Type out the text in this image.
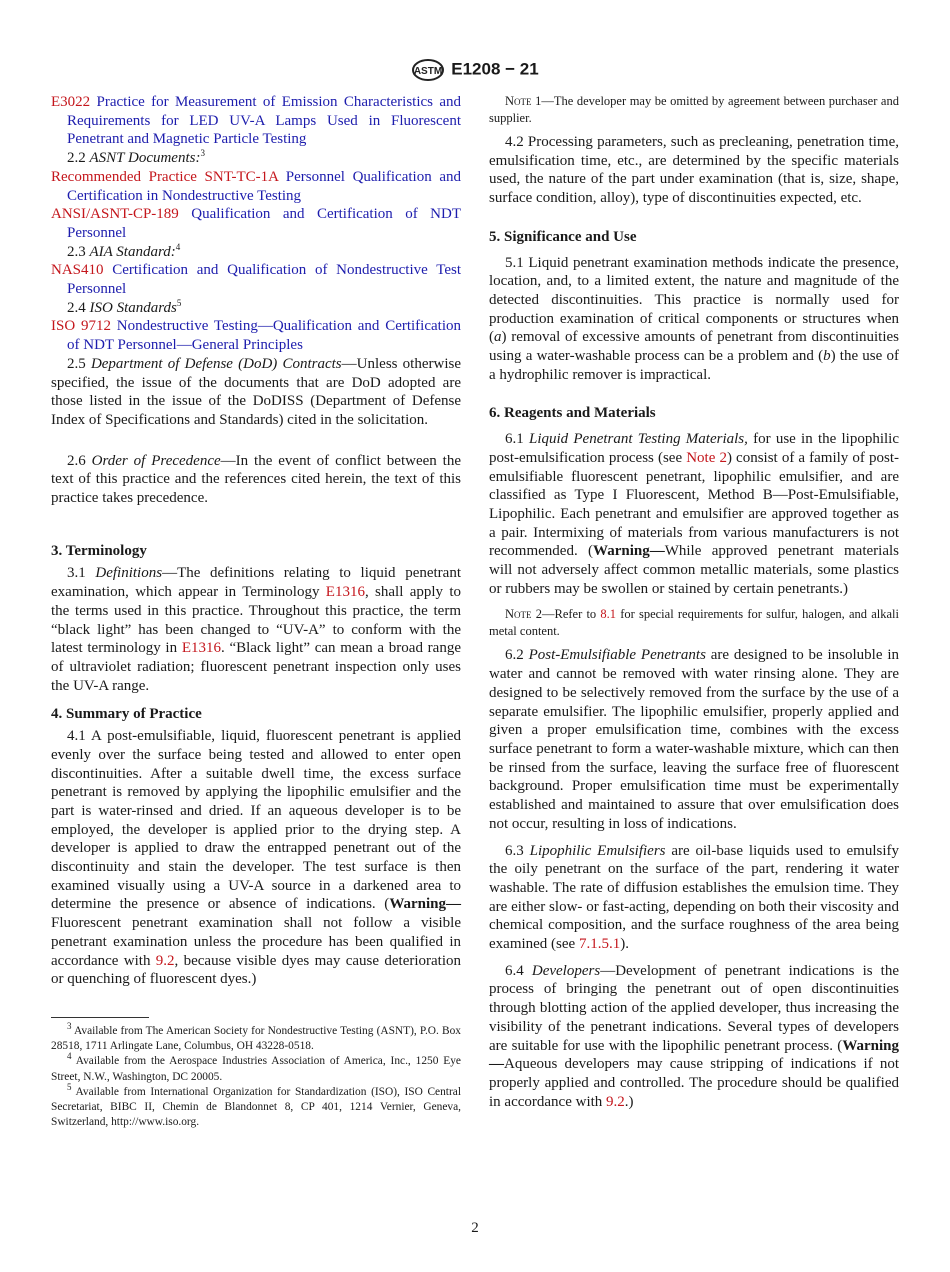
ASTM E1208 − 21

E3022 Practice for Measurement of Emission Characteristics and Requirements for LED UV-A Lamps Used in Fluorescent Penetrant and Magnetic Particle Testing

2.2 ASNT Documents:$^3$

Recommended Practice SNT-TC-1A Personnel Qualification and Certification in Nondestructive Testing

ANSI/ASNT-CP-189 Qualification and Certification of NDT Personnel

2.3 AIA Standard:$^4$

NAS410 Certification and Qualification of Nondestructive Test Personnel

2.4 ISO Standards$^5$

ISO 9712 Nondestructive Testing—Qualification and Certification of NDT Personnel—General Principles

2.5 Department of Defense (DoD) Contracts—Unless otherwise specified, the issue of the documents that are DoD adopted are those listed in the issue of the DoDISS (Department of Defense Index of Specifications and Standards) cited in the solicitation.

2.6 Order of Precedence—In the event of conflict between the text of this practice and the references cited herein, the text of this practice takes precedence.

3. Terminology

3.1 Definitions—The definitions relating to liquid penetrant examination, which appear in Terminology E1316, shall apply to the terms used in this practice. Throughout this practice, the term “black light” has been changed to “UV-A” to conform with the latest terminology in E1316. “Black light” can mean a broad range of ultraviolet radiation; fluorescent penetrant inspection only uses the UV-A range.

4. Summary of Practice

4.1 A post-emulsifiable, liquid, fluorescent penetrant is applied evenly over the surface being tested and allowed to enter open discontinuities. After a suitable dwell time, the excess surface penetrant is removed by applying the lipophilic emulsifier and the part is water-rinsed and dried. If an aqueous developer is to be employed, the developer is applied prior to the drying step. A developer is applied to draw the entrapped penetrant out of the discontinuity and stain the developer. The test surface is then examined visually using a UV-A source in a darkened area to determine the presence or absence of indications. (Warning—Fluorescent penetrant examination shall not follow a visible penetrant examination unless the procedure has been qualified in accordance with 9.2, because visible dyes may cause deterioration or quenching of fluorescent dyes.)

$^3$ Available from The American Society for Nondestructive Testing (ASNT), P.O. Box 28518, 1711 Arlingate Lane, Columbus, OH 43228-0518.

$^4$ Available from the Aerospace Industries Association of America, Inc., 1250 Eye Street, N.W., Washington, DC 20005.

$^5$ Available from International Organization for Standardization (ISO), ISO Central Secretariat, BIBC II, Chemin de Blandonnet 8, CP 401, 1214 Vernier, Geneva, Switzerland, http://www.iso.org.

Note 1—The developer may be omitted by agreement between purchaser and supplier.

4.2 Processing parameters, such as precleaning, penetration time, emulsification time, etc., are determined by the specific materials used, the nature of the part under examination (that is, size, shape, surface condition, alloy), type of discontinuities expected, etc.

5. Significance and Use

5.1 Liquid penetrant examination methods indicate the presence, location, and, to a limited extent, the nature and magnitude of the detected discontinuities. This practice is normally used for production examination of critical components or structures when (a) removal of excessive amounts of penetrant from discontinuities using a water-washable process can be a problem and (b) the use of a hydrophilic remover is impractical.

6. Reagents and Materials

6.1 Liquid Penetrant Testing Materials, for use in the lipophilic post-emulsification process (see Note 2) consist of a family of post-emulsifiable fluorescent penetrant, lipophilic emulsifier, and are classified as Type I Fluorescent, Method B—Post-Emulsifiable, Lipophilic. Each penetrant and emulsifier are approved together as a pair. Intermixing of materials from various manufacturers is not recommended. (Warning—While approved penetrant materials will not adversely affect common metallic materials, some plastics or rubbers may be swollen or stained by certain penetrants.)

Note 2—Refer to 8.1 for special requirements for sulfur, halogen, and alkali metal content.

6.2 Post-Emulsifiable Penetrants are designed to be insoluble in water and cannot be removed with water rinsing alone. They are designed to be selectively removed from the surface by the use of a separate emulsifier. The lipophilic emulsifier, properly applied and given a proper emulsification time, combines with the excess surface penetrant to form a water-washable mixture, which can then be rinsed from the surface, leaving the surface free of fluorescent background. Proper emulsification time must be experimentally established and maintained to assure that over emulsification does not occur, resulting in loss of indications.

6.3 Lipophilic Emulsifiers are oil-base liquids used to emulsify the oily penetrant on the surface of the part, rendering it water washable. The rate of diffusion establishes the emulsion time. They are either slow- or fast-acting, depending on both their viscosity and chemical composition, and the surface roughness of the area being examined (see 7.1.5.1).

6.4 Developers—Development of penetrant indications is the process of bringing the penetrant out of open discontinuities through blotting action of the applied developer, thus increasing the visibility of the penetrant indications. Several types of developers are suitable for use with the lipophilic penetrant process. (Warning—Aqueous developers may cause stripping of indications if not properly applied and controlled. The procedure should be qualified in accordance with 9.2.)

2
